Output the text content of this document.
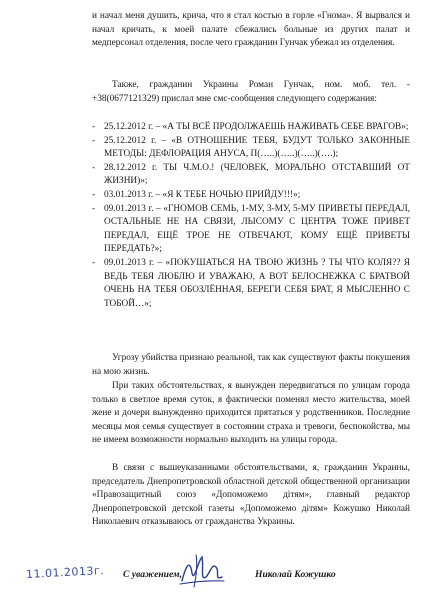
и начал меня душить, крича, что я стал костью в горле «Гнома». Я вырвался и начал кричать, к моей палате сбежались больные из других палат и медперсонал отделения, после чего гражданин Гунчак убежал из отделения.

Также, гражданин Украины Роман Гунчак, ном. моб. тел. - +38(0677121329) прислал мне смс-сообщения следующего содержания:

- 25.12.2012 г. – «А ТЫ ВСЁ ПРОДОЛЖАЕШЬ НАЖИВАТЬ СЕБЕ ВРАГОВ»;
- 25.12.2012 г. – «В ОТНОШЕНИЕ ТЕБЯ, БУДУТ ТОЛЬКО ЗАКОННЫЕ МЕТОДЫ: ДЕФЛОРАЦИЯ АНУСА, П(…..)(…..)(…..)(….);
- 28.12.2012 г. ТЫ Ч.М.О.! (ЧЕЛОВЕК, МОРАЛЬНО ОТСТАВШИЙ ОТ ЖИЗНИ)»;
- 03.01.2013 г. – «Я К ТЕБЕ НОЧЬЮ ПРИЙДУ!!!»;
- 09.01.2013 г. – «ГНОМОВ СЕМЬ, 1-МУ, 3-МУ, 5-МУ ПРИВЕТЫ ПЕРЕДАЛ, ОСТАЛЬНЫЕ НЕ НА СВЯЗИ, ЛЫСОМУ С ЦЕНТРА ТОЖЕ ПРИВЕТ ПЕРЕДАЛ, ЕЩЁ ТРОЕ НЕ ОТВЕЧАЮТ, КОМУ ЕЩЁ ПРИВЕТЫ ПЕРЕДАТЬ?»;
- 09.01.2013 г. – «ПОКУШАТЬСЯ НА ТВОЮ ЖИЗНЬ ? ТЫ ЧТО КОЛЯ?? Я ВЕДЬ ТЕБЯ ЛЮБЛЮ И УВАЖАЮ, А ВОТ БЕЛОСНЕЖКА С БРАТВОЙ ОЧЕНЬ НА ТЕБЯ ОБОЗЛЁННАЯ, БЕРЕГИ СЕБЯ БРАТ, Я МЫСЛЕННО С ТОБОЙ…»;

Угрозу убийства признаю реальной, так как существуют факты покушения на мою жизнь.

При таких обстоятельствах, я вынужден передвигаться по улицам города только в светлое время суток, я фактически поменял место жительства, моей жене и дочери вынужденно приходится прятаться у родственников. Последние месяцы моя семья существует в состоянии страха и тревоги, беспокойства, мы не имеем возможности нормально выходить на улицы города.

В связи с вышеуказанными обстоятельствами, я, гражданин Украины, председатель Днепропетровской областной детской общественной организации «Правозащитный союз «Допоможемо дітям», главный редактор Днепропетровской детской газеты «Допоможемо дітям» Кожушко Николай Николаевич отказываюсь от гражданства Украины.

11.01.2013г. С уважением,	Николай Кожушко
